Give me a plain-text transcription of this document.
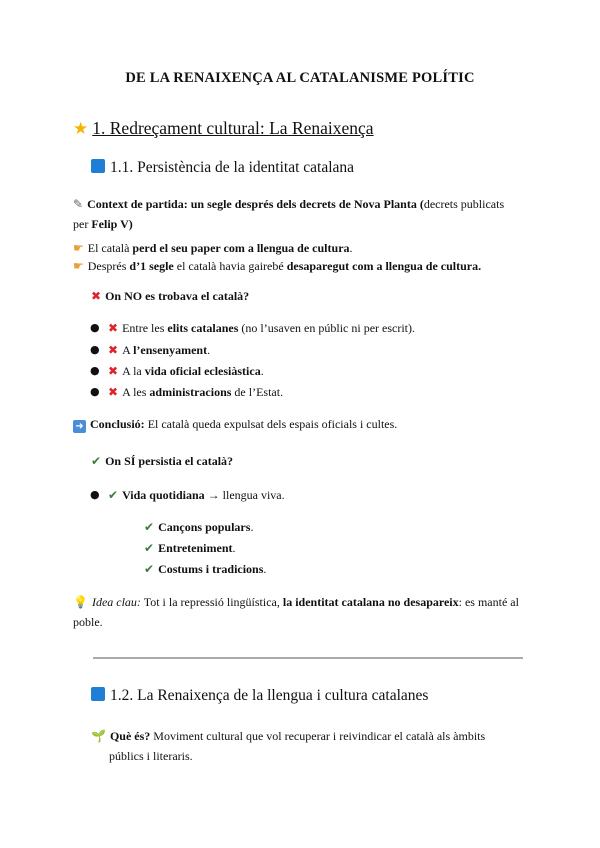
DE LA RENAIXENÇA AL CATALANISME POLÍTIC
★ 1. Redreçament cultural: La Renaixença
1.1. Persistència de la identitat catalana
✎ Context de partida: un segle després dels decrets de Nova Planta (decrets publicats
per Felip V)
☛ El català perd el seu paper com a llengua de cultura.
☛ Després d’1 segle el català havia gairebé desaparegut com a llengua de cultura.
✖ On NO es trobava el català?
● ✖ Entre les elits catalanes (no l’usaven en públic ni per escrit).
● ✖ A l’ensenyament.
● ✖ A la vida oficial eclesiàstica.
● ✖ A les administracions de l’Estat.
➜ Conclusió: El català queda expulsat dels espais oficials i cultes.
✔ On SÍ persistia el català?
● ✔ Vida quotidiana → llengua viva.
✔ Cançons populars.
✔ Entreteniment.
✔ Costums i tradicions.
💡 Idea clau: Tot i la repressió lingüística, la identitat catalana no desapareix: es manté al
poble.
1.2. La Renaixença de la llengua i cultura catalanes
🌱 Què és? Moviment cultural que vol recuperar i reivindicar el català als àmbits
públics i literaris.
